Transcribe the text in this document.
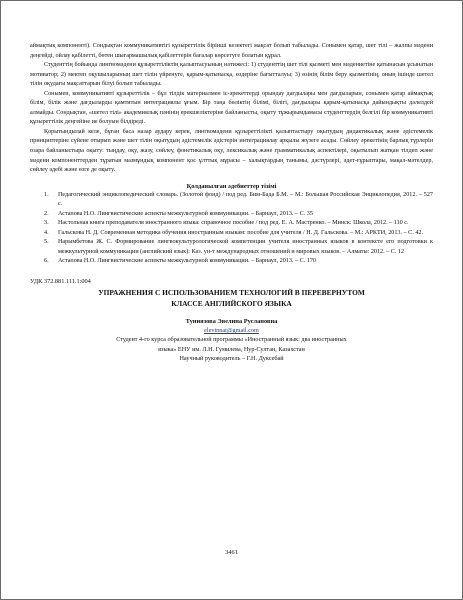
аймақтық компоненті). Сондықтан коммуникативтігі құзыреттілік бірінші кезектегі мақсат болып табылады. Сонымен қатар, шет тілі – жалпы мәдени деңгейді, ойлау қабілетті, бөтен шығармашылық қабілеттерін бағалар көрсетуге болатын құрал.

Студенттің бойында лингвомәдени құзыреттіліктің қалыптасуының нәтижесі: 1) студенттің шет тілі қызметі мен мәдениетіне қатынасын ұсынатын мотиватор; 2) мектеп оқушыларының шет тілін үйренуге, қарым-қатынасқа, өздеріне бағытталуы; 3) өзінің білім беру қызметінің, оның ішінде шетел тілін оқудағы мақсаттарын білуі болып табылады.

Сонымен, коммуникативті құзыреттілік – бұл тілдік материалмен іс-әрекеттерді орындау дағдылары мен дағдыларын, сонымен қатар аймақтық білім, білік және дағдыларды қамтитын интеграциялы ұғым. Бір таңа бөліктің білімі, білігі, дағдылары қарым-қатынасқа дайындықты дәлелдей алмайды. Сондықтан, «шетел тілі» академиялық пәнінің ерекшеліктеріне байланысты, оқыту тұжырымдамасы студенттердің белгілі бір коммуникативті құзыреттілік деңгейіне ие болуын білдіреді.

Қорытындылай келе, бұған баса назар аудару керек, лингвомәдени құзыреттілікті қалыптастыру оқытудың дидактикалық және әдістемелік принциптеріне сүйене отырып және шет тілін оқытудың әдістемелік әдістерін интеграциялау арқылы жүзеге асады. Сөйлеу әрекетінің барлық түрлерін озара байланыстыра оқыту: тыңдау, оқу, жазу, сөйлеу, фонетикалық оқу, лексикалық және грамматикалық аспектілері, оқытылып жатқан тілдеп және мәдени компоненттерден тұратын мазмұндық компонент қос ұлттық мұрасы – халықтардың танымы, дәстүрлері, әдет-ғұрыптары, мақал-мәтелдер, сөйлеу әдебі және өзге де оқыту.

Қолданылған әдебиеттер тізімі
1. Педагогический энциклопедический словарь. (Золотой фонд) / под ред. Бим-Бада Б.М. – М.: Большая Российская Энциклопедия, 2012. – 527 с.
2. Астапова Н.О. Лингвистические аспекты межкультурной коммуникации. – Барнаул, 2013. – С. 35
3. Настольная книга преподавателя иностранного языка: справочное пособие / под ред. Е. А. Мастренко. – Минск: Школа, 2012. – 110 с.
4. Гальскова Н. Д. Современная методика обучения иностранным языкам: пособие для учителя / Н. Д. Гальскова. – М.: АРКТИ, 2013. – С. 42.
5. Нарымбетова Ж. С. Формирование лингвокультурологической компетенции учителя иностранных языков в контексте его подготовки к межкультурной коммуникации (английский язык): Каз. ун-т международных отношений и мировых языков. – Алматы: 2012. – С. 12
6. Астапова Н.О. Лингвистические аспекты межкультурной коммуникации. – Барнаул, 2013. – С. 170
УДК 372.881.111.1:004
УПРАЖНЕНИЯ С ИСПОЛЬЗОВАНИЕМ ТЕХНОЛОГИЙ В ПЕРЕВЕРНУТОМ
КЛАССЕ АНГЛИЙСКОГО ЯЗЫКА
Туниязова Эвелина Руслановна
elevinnat@gmail.com
Студент 4-го курса образовательной программы «Иностранный язык: два иностранных
языка» ЕНУ им. Л.Н. Гумилева, Нур-Султан, Казахстан
Научный руководитель – Г.Н. Дуксебай
3461
